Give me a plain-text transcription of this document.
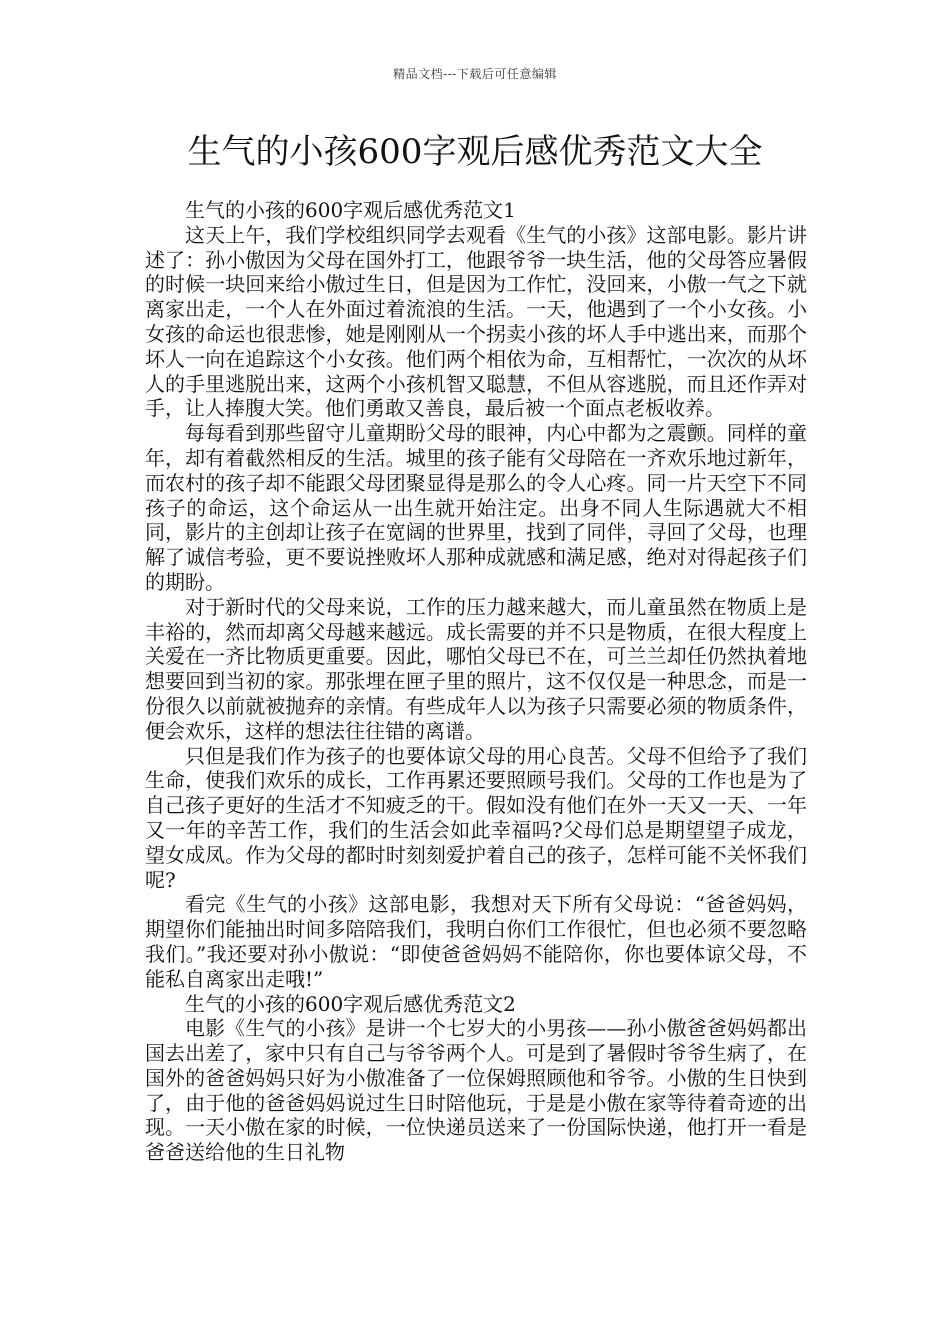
精品文档---下载后可任意编辑
生气的小孩600字观后感优秀范文大全

生气的小孩的600字观后感优秀范文1

这天上午，我们学校组织同学去观看《生气的小孩》这部电影。影片讲述了：孙小傲因为父母在国外打工，他跟爷爷一块生活，他的父母答应暑假的时候一块回来给小傲过生日，但是因为工作忙，没回来，小傲一气之下就离家出走，一个人在外面过着流浪的生活。一天，他遇到了一个小女孩。小女孩的命运也很悲惨，她是刚刚从一个拐卖小孩的坏人手中逃出来，而那个坏人一向在追踪这个小女孩。他们两个相依为命，互相帮忙，一次次的从坏人的手里逃脱出来，这两个小孩机智又聪慧，不但从容逃脱，而且还作弄对手，让人捧腹大笑。他们勇敢又善良，最后被一个面点老板收养。

每每看到那些留守儿童期盼父母的眼神，内心中都为之震颤。同样的童年，却有着截然相反的生活。城里的孩子能有父母陪在一齐欢乐地过新年，而农村的孩子却不能跟父母团聚显得是那么的令人心疼。同一片天空下不同孩子的命运，这个命运从一出生就开始注定。出身不同人生际遇就大不相同，影片的主创却让孩子在宽阔的世界里，找到了同伴，寻回了父母，也理解了诚信考验，更不要说挫败坏人那种成就感和满足感，绝对对得起孩子们的期盼。

对于新时代的父母来说，工作的压力越来越大，而儿童虽然在物质上是丰裕的，然而却离父母越来越远。成长需要的并不只是物质，在很大程度上关爱在一齐比物质更重要。因此，哪怕父母已不在，可兰兰却任仍然执着地想要回到当初的家。那张埋在匣子里的照片，这不仅仅是一种思念，而是一份很久以前就被抛弃的亲情。有些成年人以为孩子只需要必须的物质条件，便会欢乐，这样的想法往往错的离谱。

只但是我们作为孩子的也要体谅父母的用心良苦。父母不但给予了我们生命，使我们欢乐的成长，工作再累还要照顾号我们。父母的工作也是为了自己孩子更好的生活才不知疲乏的干。假如没有他们在外一天又一天、一年又一年的辛苦工作，我们的生活会如此幸福吗?父母们总是期望望子成龙，望女成凤。作为父母的都时时刻刻爱护着自己的孩子，怎样可能不关怀我们呢?

看完《生气的小孩》这部电影，我想对天下所有父母说：“爸爸妈妈，期望你们能抽出时间多陪陪我们，我明白你们工作很忙，但也必须不要忽略我们。”我还要对孙小傲说：“即使爸爸妈妈不能陪你，你也要体谅父母，不能私自离家出走哦!”

生气的小孩的600字观后感优秀范文2

电影《生气的小孩》是讲一个七岁大的小男孩——孙小傲爸爸妈妈都出国去出差了，家中只有自己与爷爷两个人。可是到了暑假时爷爷生病了，在国外的爸爸妈妈只好为小傲准备了一位保姆照顾他和爷爷。小傲的生日快到了，由于他的爸爸妈妈说过生日时陪他玩，于是是小傲在家等待着奇迹的出现。一天小傲在家的时候，一位快递员送来了一份国际快递，他打开一看是爸爸送给他的生日礼物
